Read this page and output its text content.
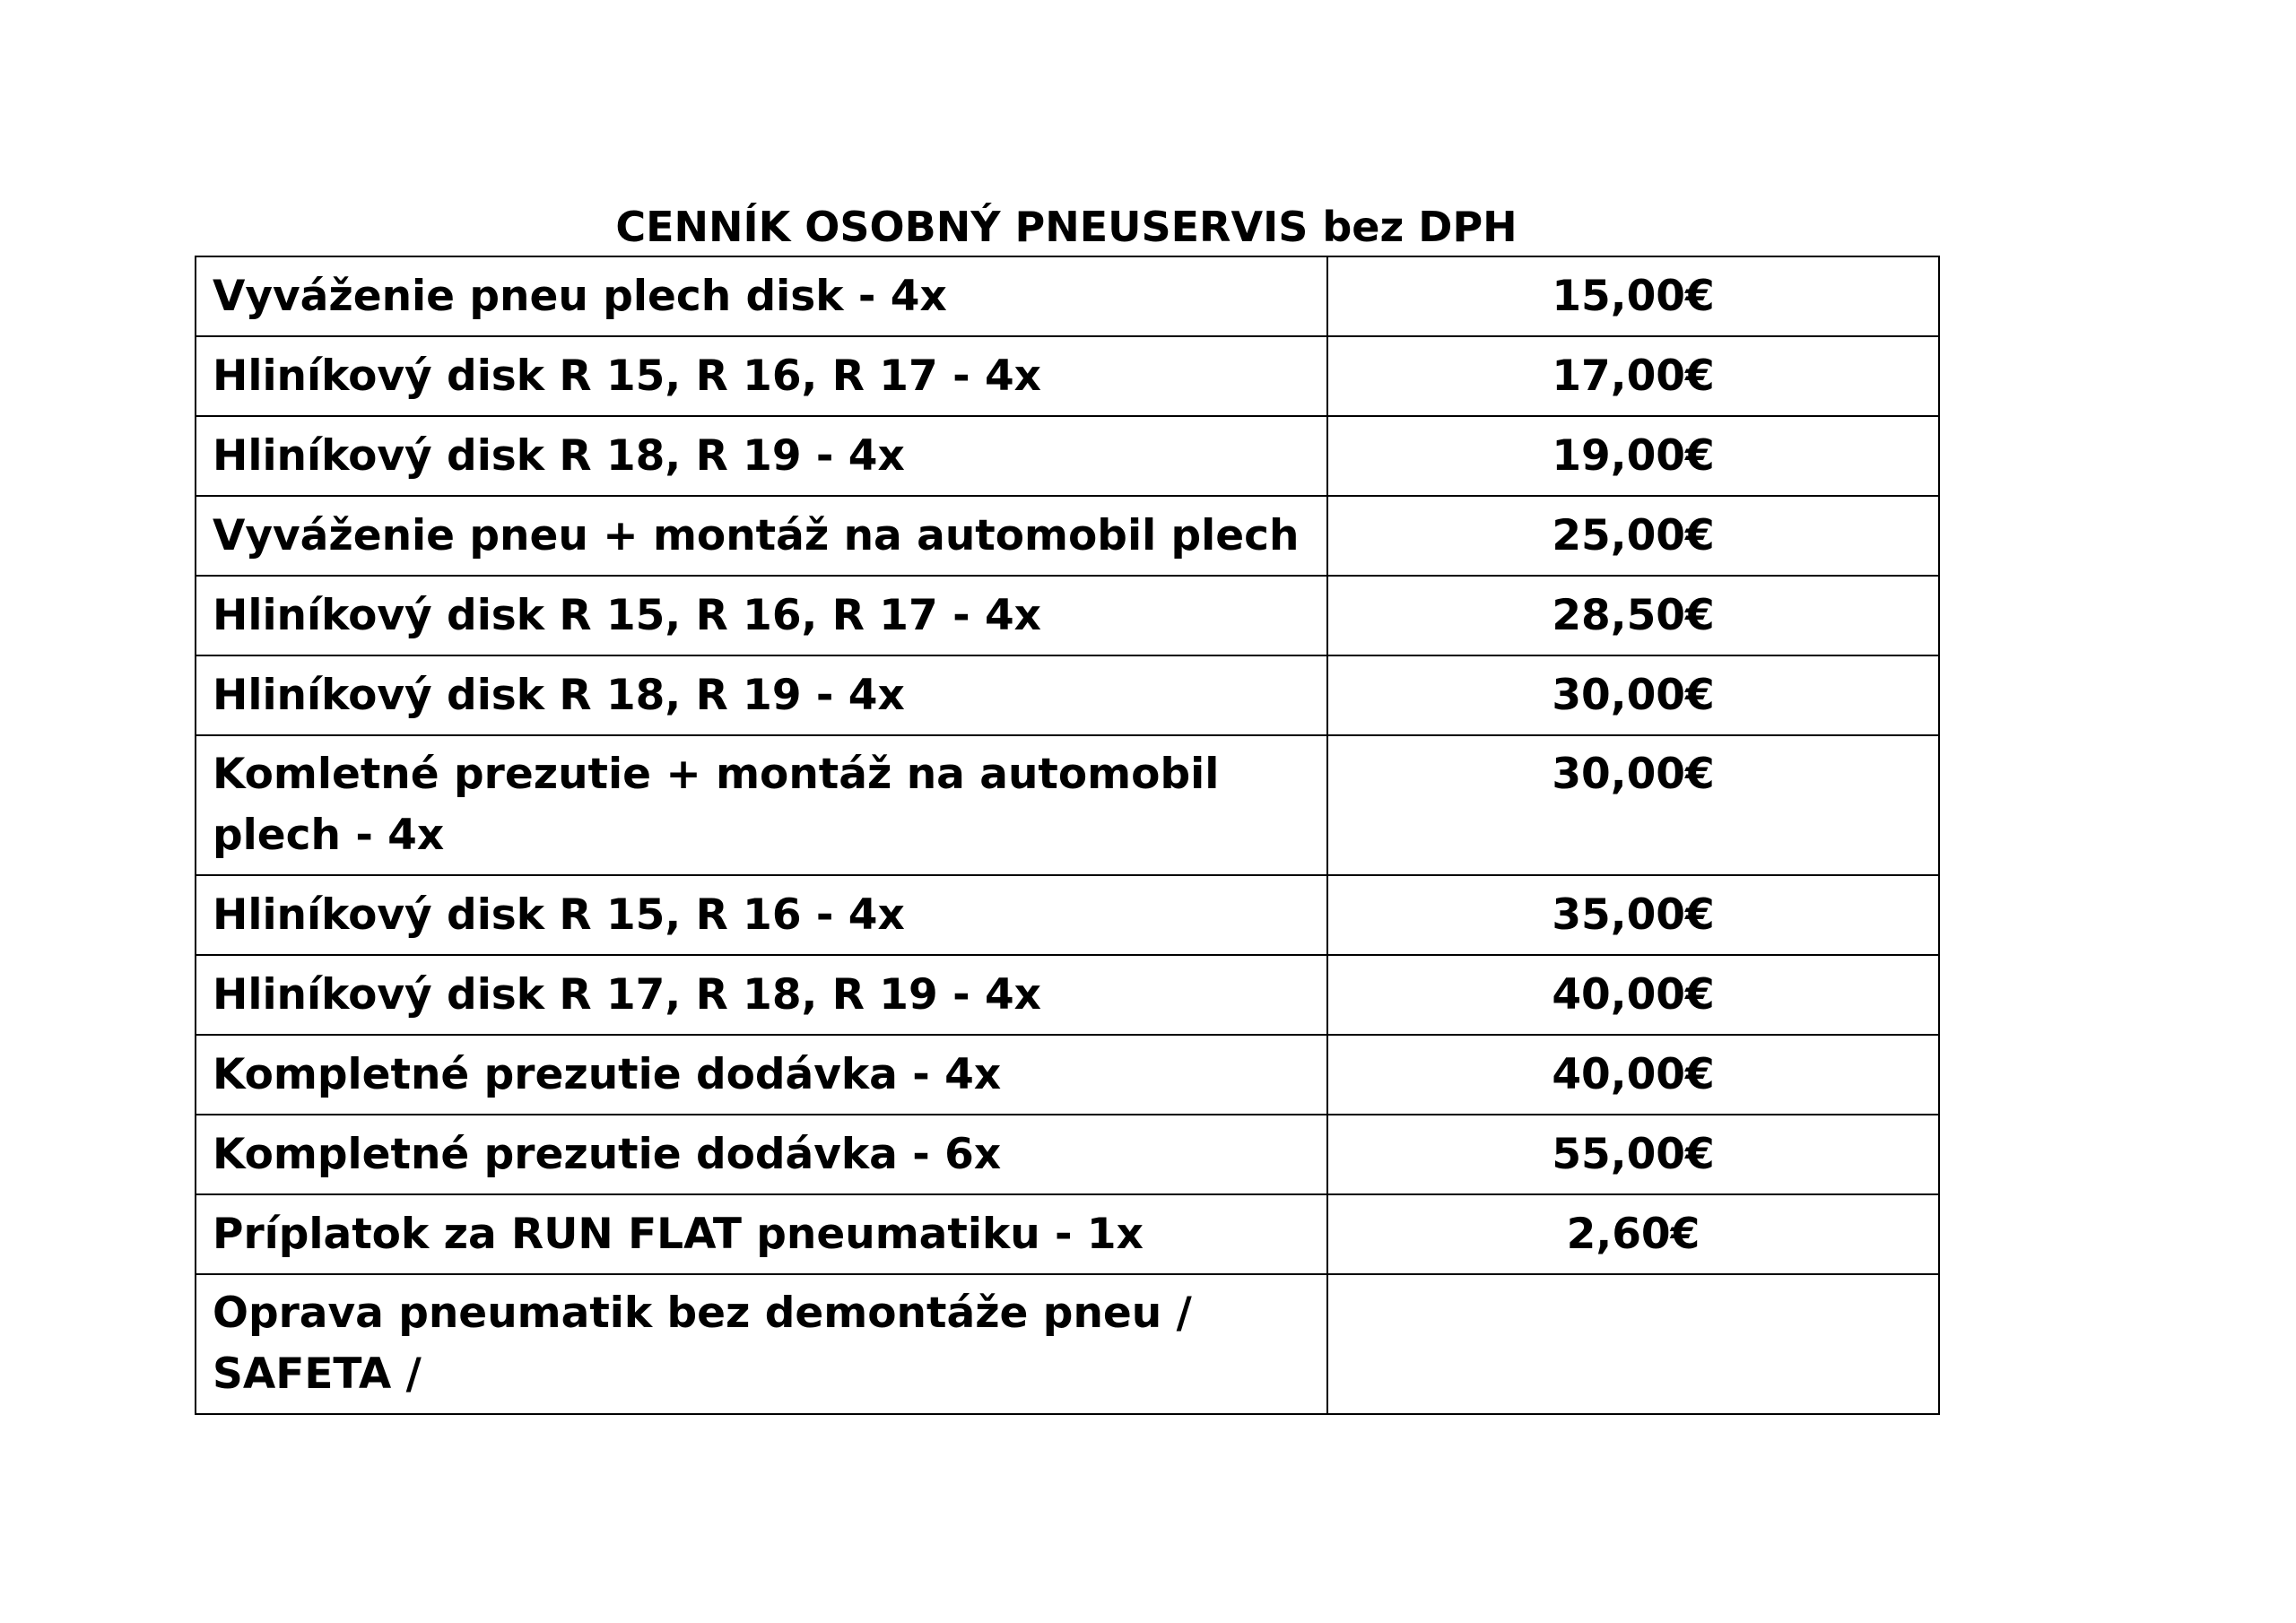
CENNÍK OSOBNÝ PNEUSERVIS bez DPH
Vyváženie pneu plech disk - 4x	15,00€
Hliníkový disk R 15, R 16, R 17 - 4x	17,00€
Hliníkový disk R 18, R 19 - 4x	19,00€
Vyváženie pneu + montáž na automobil plech	25,00€
Hliníkový disk R 15, R 16, R 17 - 4x	28,50€
Hliníkový disk R 18, R 19 - 4x	30,00€
Komletné prezutie + montáž na automobil plech - 4x	30,00€
Hliníkový disk R 15, R 16 - 4x	35,00€
Hliníkový disk R 17, R 18, R 19 - 4x	40,00€
Kompletné prezutie dodávka - 4x	40,00€
Kompletné prezutie dodávka - 6x	55,00€
Príplatok za RUN FLAT pneumatiku - 1x	2,60€
Oprava pneumatik bez demontáže pneu / SAFETA /	
